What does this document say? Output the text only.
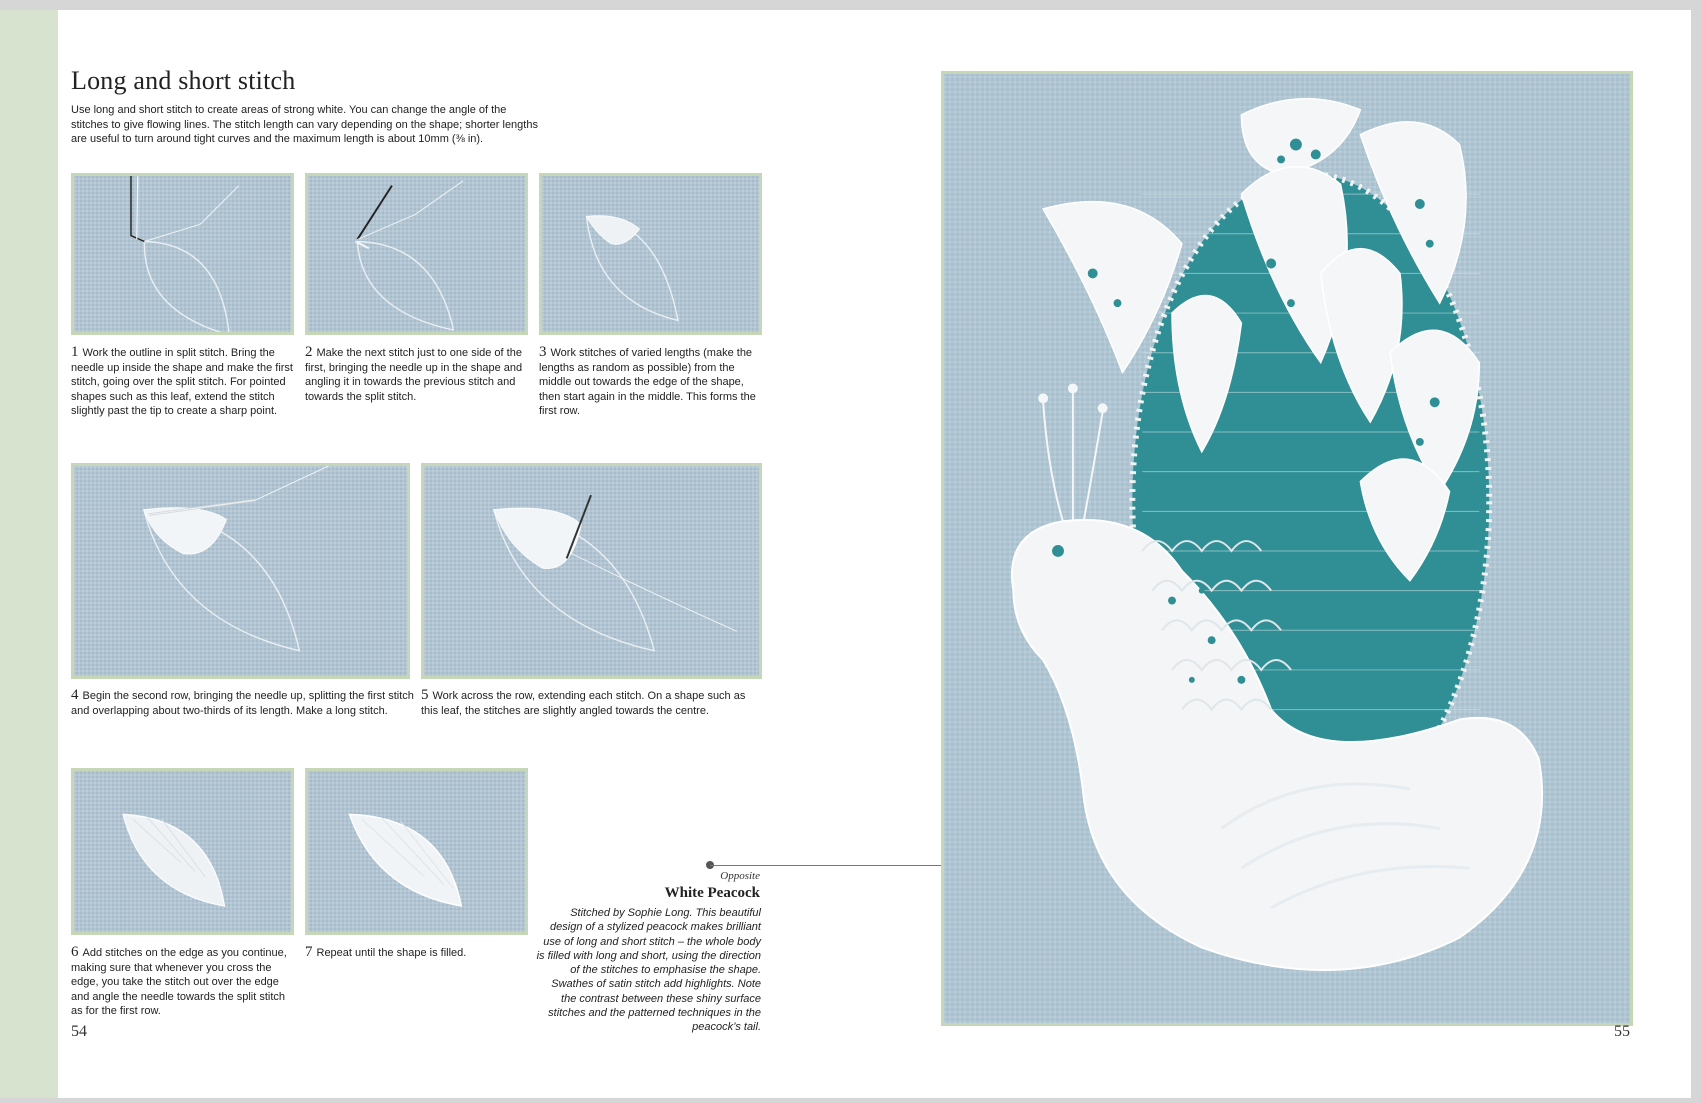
Long and short stitch

Use long and short stitch to create areas of strong white. You can change the angle of the stitches to give flowing lines. The stitch length can vary depending on the shape; shorter lengths are useful to turn around tight curves and the maximum length is about 10mm (⅜ in).

1 Work the outline in split stitch. Bring the needle up inside the shape and make the first stitch, going over the split stitch. For pointed shapes such as this leaf, extend the stitch slightly past the tip to create a sharp point.

2 Make the next stitch just to one side of the first, bringing the needle up in the shape and angling it in towards the previous stitch and towards the split stitch.

3 Work stitches of varied lengths (make the lengths as random as possible) from the middle out towards the edge of the shape, then start again in the middle. This forms the first row.

4 Begin the second row, bringing the needle up, splitting the first stitch and overlapping about two-thirds of its length. Make a long stitch.

5 Work across the row, extending each stitch. On a shape such as this leaf, the stitches are slightly angled towards the centre.

6 Add stitches on the edge as you continue, making sure that whenever you cross the edge, you take the stitch out over the edge and angle the needle towards the split stitch as for the first row.

7 Repeat until the shape is filled.

Opposite
White Peacock

Stitched by Sophie Long. This beautiful design of a stylized peacock makes brilliant use of long and short stitch – the whole body is filled with long and short, using the direction of the stitches to emphasise the shape. Swathes of satin stitch add highlights. Note the contrast between these shiny surface stitches and the patterned techniques in the peacock’s tail.

54	55
